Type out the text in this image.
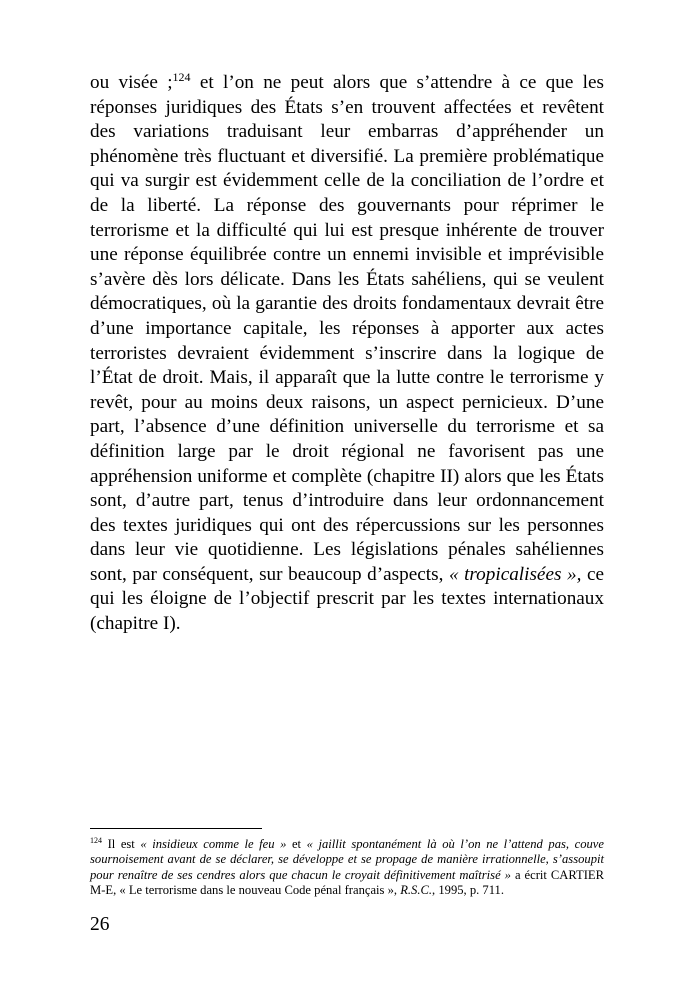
ou visée ;$^{124}$ et l’on ne peut alors que s’attendre à ce que les réponses juridiques des États s’en trouvent affectées et revêtent des variations traduisant leur embarras d’appréhender un phénomène très fluctuant et diversifié. La première problématique qui va surgir est évidemment celle de la conciliation de l’ordre et de la liberté. La réponse des gouvernants pour réprimer le terrorisme et la difficulté qui lui est presque inhérente de trouver une réponse équilibrée contre un ennemi invisible et imprévisible s’avère dès lors délicate. Dans les États sahéliens, qui se veulent démocratiques, où la garantie des droits fondamentaux devrait être d’une importance capitale, les réponses à apporter aux actes terroristes devraient évidemment s’inscrire dans la logique de l’État de droit. Mais, il apparaît que la lutte contre le terrorisme y revêt, pour au moins deux raisons, un aspect pernicieux. D’une part, l’absence d’une définition universelle du terrorisme et sa définition large par le droit régional ne favorisent pas une appréhension uniforme et complète (chapitre II) alors que les États sont, d’autre part, tenus d’introduire dans leur ordonnancement des textes juridiques qui ont des répercussions sur les personnes dans leur vie quotidienne. Les législations pénales sahéliennes sont, par conséquent, sur beaucoup d’aspects, « tropicalisées », ce qui les éloigne de l’objectif prescrit par les textes internationaux (chapitre I).

$^{124}$ Il est « insidieux comme le feu » et « jaillit spontanément là où l’on ne l’attend pas, couve sournoisement avant de se déclarer, se développe et se propage de manière irrationnelle, s’assoupit pour renaître de ses cendres alors que chacun le croyait définitivement maîtrisé » a écrit CARTIER M-E, « Le terrorisme dans le nouveau Code pénal français », R.S.C., 1995, p. 711.

26
